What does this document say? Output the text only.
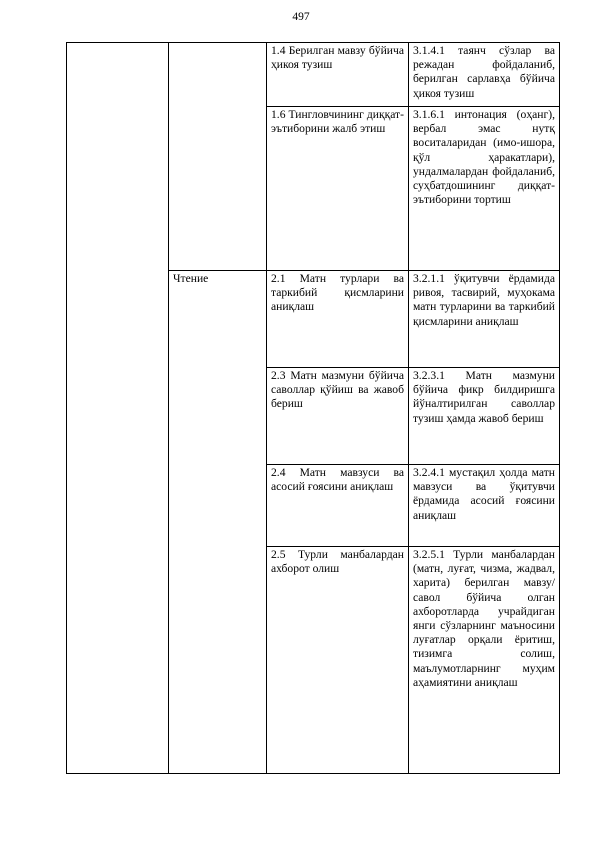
497
		1.4 Берилган мавзу бўйича ҳикоя тузиш	3.1.4.1 таянч сўзлар ва режадан фойдаланиб, берилган сарлавҳа бўйича ҳикоя тузиш
		1.6 Тингловчининг диққат-эътиборини жалб этиш	3.1.6.1 интонация (оҳанг), вербал эмас нутқ воситаларидан (имо-ишора, қўл ҳаракатлари), ундалмалардан фойдаланиб, суҳбатдошининг диққат-эътиборини тортиш
	Чтение	2.1 Матн турлари ва таркибий қисмларини аниқлаш	3.2.1.1 ўқитувчи ёрдамида ривоя, тасвирий, муҳокама матн турларини ва таркибий қисмларини аниқлаш
		2.3 Матн мазмуни бўйича саволлар қўйиш ва жавоб бериш	3.2.3.1 Матн мазмуни бўйича фикр билдиришга йўналтирилган саволлар тузиш ҳамда жавоб бериш
		2.4 Матн мавзуси ва асосий ғоясини аниқлаш	3.2.4.1 мустақил ҳолда матн мавзуси ва ўқитувчи ёрдамида асосий ғоясини аниқлаш
		2.5 Турли манбалардан ахборот олиш	3.2.5.1 Турли манбалардан (матн, луғат, чизма, жадвал, харита) берилган мавзу/савол бўйича олган ахборотларда учрайдиган янги сўзларнинг маъносини луғатлар орқали ёритиш, тизимга солиш, маълумотларнинг муҳим аҳамиятини аниқлаш
